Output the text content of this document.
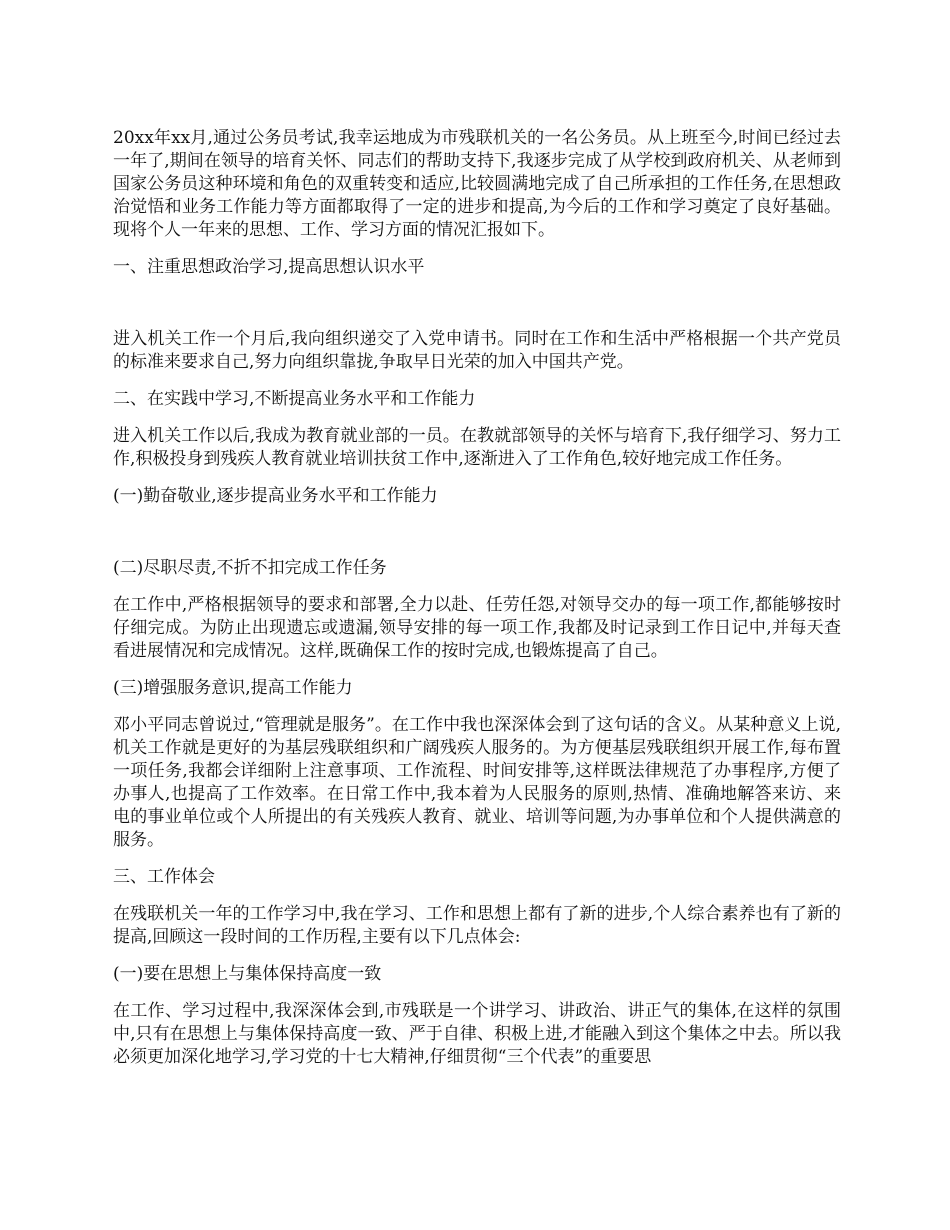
20xx年xx月,通过公务员考试,我幸运地成为市残联机关的一名公务员。从上班至今,时间已经过去一年了,期间在领导的培育关怀、同志们的帮助支持下,我逐步完成了从学校到政府机关、从老师到国家公务员这种环境和角色的双重转变和适应,比较圆满地完成了自己所承担的工作任务,在思想政治觉悟和业务工作能力等方面都取得了一定的进步和提高,为今后的工作和学习奠定了良好基础。现将个人一年来的思想、工作、学习方面的情况汇报如下。

一、注重思想政治学习,提高思想认识水平

进入机关工作一个月后,我向组织递交了入党申请书。同时在工作和生活中严格根据一个共产党员的标准来要求自己,努力向组织靠拢,争取早日光荣的加入中国共产党。

二、在实践中学习,不断提高业务水平和工作能力

进入机关工作以后,我成为教育就业部的一员。在教就部领导的关怀与培育下,我仔细学习、努力工作,积极投身到残疾人教育就业培训扶贫工作中,逐渐进入了工作角色,较好地完成工作任务。

(一)勤奋敬业,逐步提高业务水平和工作能力

(二)尽职尽责,不折不扣完成工作任务

在工作中,严格根据领导的要求和部署,全力以赴、任劳任怨,对领导交办的每一项工作,都能够按时仔细完成。为防止出现遗忘或遗漏,领导安排的每一项工作,我都及时记录到工作日记中,并每天查看进展情况和完成情况。这样,既确保工作的按时完成,也锻炼提高了自己。

(三)增强服务意识,提高工作能力

邓小平同志曾说过,“管理就是服务”。在工作中我也深深体会到了这句话的含义。从某种意义上说,机关工作就是更好的为基层残联组织和广阔残疾人服务的。为方便基层残联组织开展工作,每布置一项任务,我都会详细附上注意事项、工作流程、时间安排等,这样既法律规范了办事程序,方便了办事人,也提高了工作效率。在日常工作中,我本着为人民服务的原则,热情、准确地解答来访、来电的事业单位或个人所提出的有关残疾人教育、就业、培训等问题,为办事单位和个人提供满意的服务。

三、工作体会

在残联机关一年的工作学习中,我在学习、工作和思想上都有了新的进步,个人综合素养也有了新的提高,回顾这一段时间的工作历程,主要有以下几点体会:

(一)要在思想上与集体保持高度一致

在工作、学习过程中,我深深体会到,市残联是一个讲学习、讲政治、讲正气的集体,在这样的氛围中,只有在思想上与集体保持高度一致、严于自律、积极上进,才能融入到这个集体之中去。所以我必须更加深化地学习,学习党的十七大精神,仔细贯彻“三个代表”的重要思
